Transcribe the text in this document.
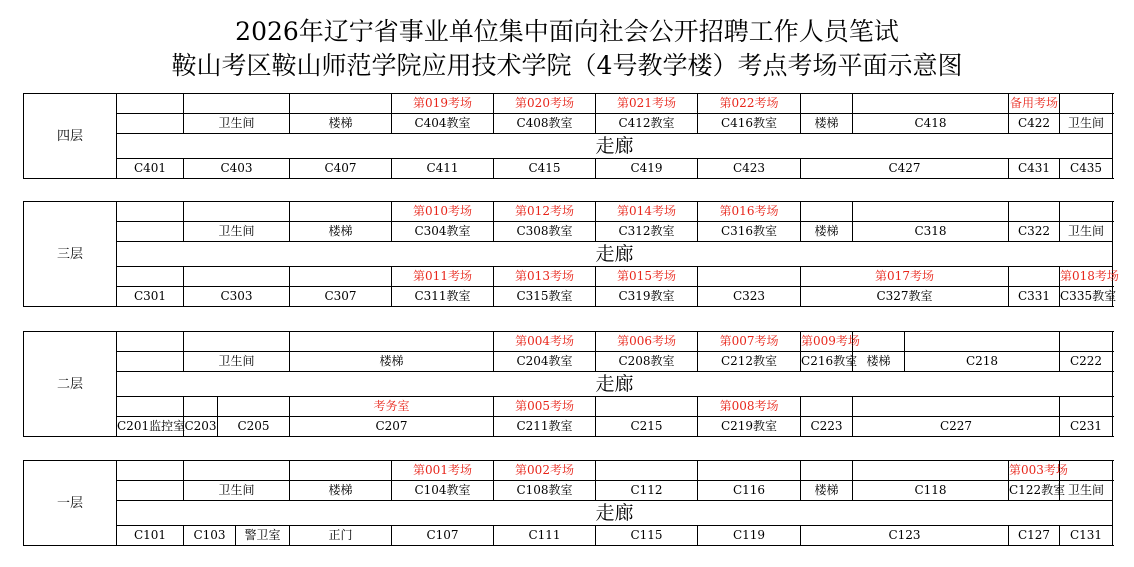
2026年辽宁省事业单位集中面向社会公开招聘工作人员笔试
鞍山考区鞍山师范学院应用技术学院（4号教学楼）考点考场平面示意图
四层				第019考场	第020考场	第021考场	第022考场			备用考场	
		卫生间	楼梯	C404教室	C408教室	C412教室	C416教室	楼梯	C418	C422	卫生间
	走廊										
	C401	C403	C407	C411	C415	C419	C423	C427		C431	C435
三层				第010考场	第012考场	第014考场	第016考场				
		卫生间	楼梯	C304教室	C308教室	C312教室	C316教室	楼梯	C318	C322	卫生间
	走廊										
				第011考场	第013考场	第015考场		第017考场			第018考场
	C301	C303	C307	C311教室	C315教室	C319教室	C323	C327教室		C331	C335教室
二层					第004考场	第006考场	第007考场	第009考场				
		卫生间		楼梯	C204教室	C208教室	C212教室	C216教室	楼梯	C218	C222	
	走廊											
				考务室	第005考场		第008考场					
	C201监控室	C203	C205	C207	C211教室	C215	C219教室	C223	C227		C231	
一层					第001考场	第002考场					第003考场	
		卫生间		楼梯	C104教室	C108教室	C112	C116	楼梯	C118	C122教室	卫生间
	走廊											
	C101	C103	警卫室	正门	C107	C111	C115	C119	C123		C127	C131
